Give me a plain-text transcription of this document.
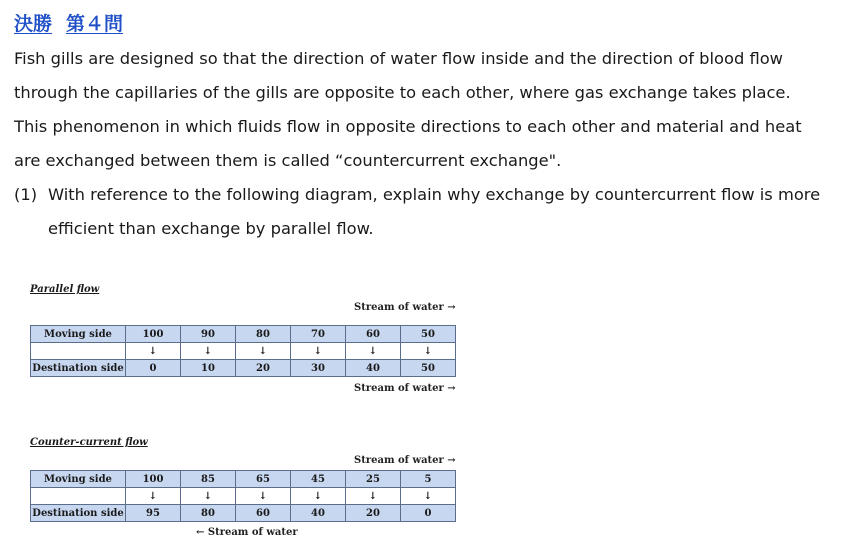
決勝 第４問
Fish gills are designed so that the direction of water flow inside and the direction of blood flow
through the capillaries of the gills are opposite to each other, where gas exchange takes place.
This phenomenon in which fluids flow in opposite directions to each other and material and heat
are exchanged between them is called “countercurrent exchange".
(1) With reference to the following diagram, explain why exchange by countercurrent flow is more
efficient than exchange by parallel flow.
Parallel flow
Stream of water →
Moving side	100	90	80	70	60	50
	↓	↓	↓	↓	↓	↓
Destination side	0	10	20	30	40	50
Stream of water →
Counter-current flow
Stream of water →
Moving side	100	85	65	45	25	5
	↓	↓	↓	↓	↓	↓
Destination side	95	80	60	40	20	0
← Stream of water
